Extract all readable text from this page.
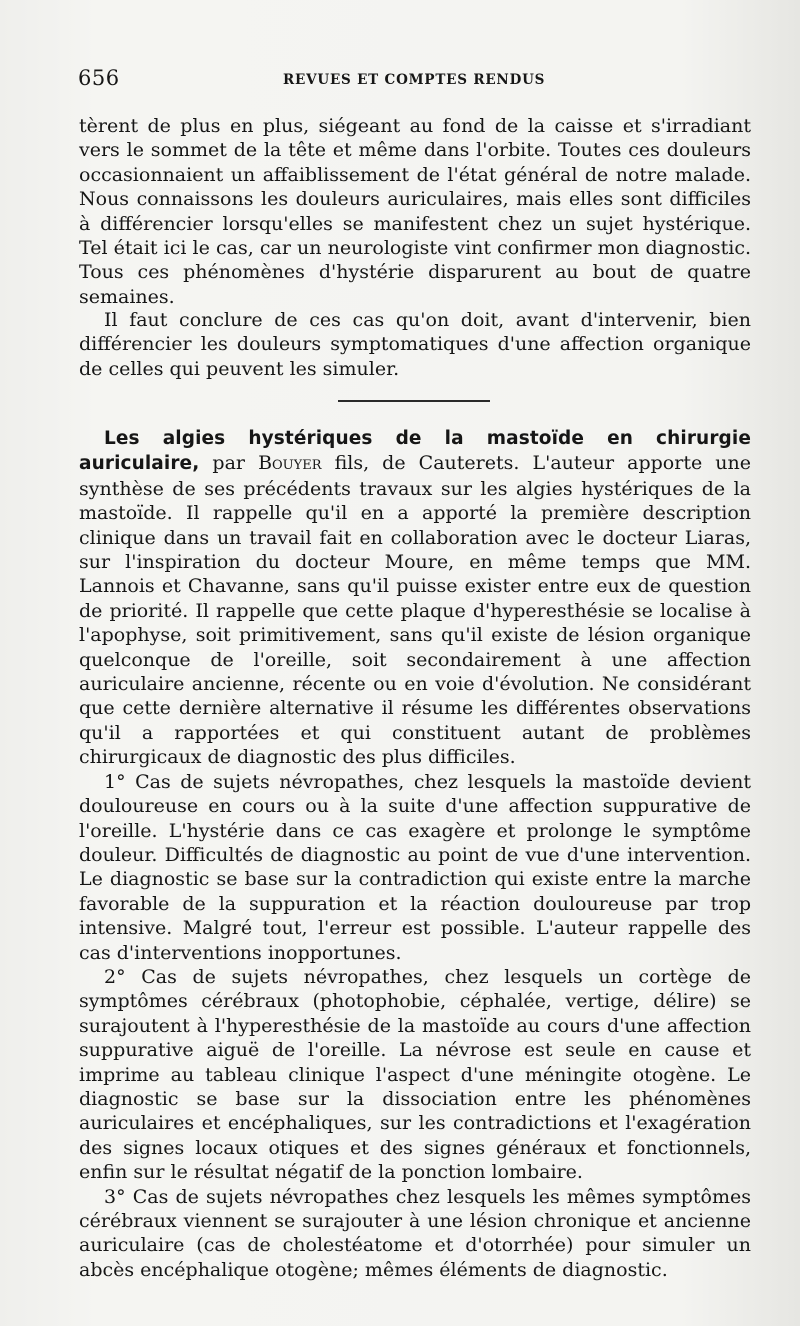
656	REVUES ET COMPTES RENDUS

tèrent de plus en plus, siégeant au fond de la caisse et s'irradiant vers le sommet de la tête et même dans l'orbite. Toutes ces douleurs occasionnaient un affaiblissement de l'état général de notre malade. Nous connaissons les douleurs auriculaires, mais elles sont difficiles à différencier lorsqu'elles se manifestent chez un sujet hystérique. Tel était ici le cas, car un neurologiste vint confirmer mon diagnostic. Tous ces phénomènes d'hystérie disparurent au bout de quatre semaines.

Il faut conclure de ces cas qu'on doit, avant d'intervenir, bien différencier les douleurs symptomatiques d'une affection organique de celles qui peuvent les simuler.

Les algies hystériques de la mastoïde en chirurgie auriculaire, par Bouyer fils, de Cauterets. L'auteur apporte une synthèse de ses précédents travaux sur les algies hystériques de la mastoïde. Il rappelle qu'il en a apporté la première description clinique dans un travail fait en collaboration avec le docteur Liaras, sur l'inspiration du docteur Moure, en même temps que MM. Lannois et Chavanne, sans qu'il puisse exister entre eux de question de priorité. Il rappelle que cette plaque d'hyperesthésie se localise à l'apophyse, soit primitivement, sans qu'il existe de lésion organique quelconque de l'oreille, soit secondairement à une affection auriculaire ancienne, récente ou en voie d'évolution. Ne considérant que cette dernière alternative il résume les différentes observations qu'il a rapportées et qui constituent autant de problèmes chirurgicaux de diagnostic des plus difficiles.

1° Cas de sujets névropathes, chez lesquels la mastoïde devient douloureuse en cours ou à la suite d'une affection suppurative de l'oreille. L'hystérie dans ce cas exagère et prolonge le symptôme douleur. Difficultés de diagnostic au point de vue d'une intervention. Le diagnostic se base sur la contradiction qui existe entre la marche favorable de la suppuration et la réaction douloureuse par trop intensive. Malgré tout, l'erreur est possible. L'auteur rappelle des cas d'interventions inopportunes.

2° Cas de sujets névropathes, chez lesquels un cortège de symptômes cérébraux (photophobie, céphalée, vertige, délire) se surajoutent à l'hyperesthésie de la mastoïde au cours d'une affection suppurative aiguë de l'oreille. La névrose est seule en cause et imprime au tableau clinique l'aspect d'une méningite otogène. Le diagnostic se base sur la dissociation entre les phénomènes auriculaires et encéphaliques, sur les contradictions et l'exagération des signes locaux otiques et des signes généraux et fonctionnels, enfin sur le résultat négatif de la ponction lombaire.

3° Cas de sujets névropathes chez lesquels les mêmes symptômes cérébraux viennent se surajouter à une lésion chronique et ancienne auriculaire (cas de cholestéatome et d'otorrhée) pour simuler un abcès encéphalique otogène; mêmes éléments de diagnostic.
